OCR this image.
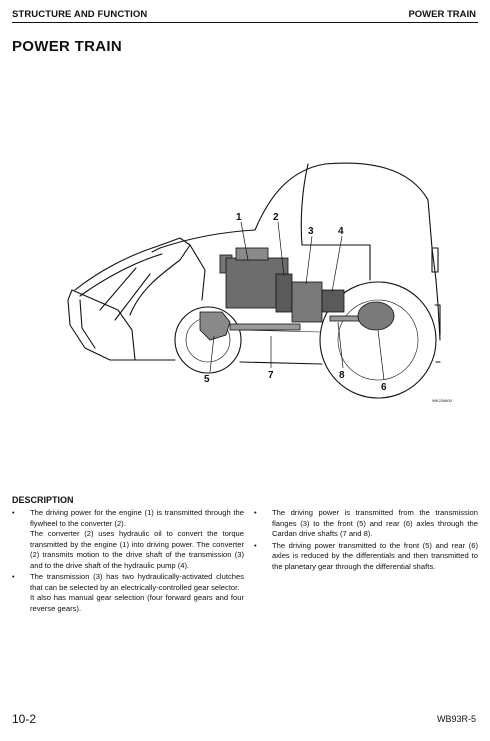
STRUCTURE AND FUNCTION	POWER TRAIN
POWER TRAIN
1	2
3 4
5	7	8
6
WK234600
DESCRIPTION
• The driving power for the engine (1) is transmitted through the flywheel to the converter (2).

The converter (2) uses hydraulic oil to convert the torque transmitted by the engine (1) into driving power. The converter (2) transmits motion to the drive shaft of the transmission (3) and to the drive shaft of the hydraulic pump (4).

• The transmission (3) has two hydraulically-activated clutches that can be selected by an electrically-controlled gear selector.

It also has manual gear selection (four forward gears and four reverse gears).

• The driving power is transmitted from the transmission flanges (3) to the front (5) and rear (6) axles through the Cardan drive shafts (7 and 8).

• The driving power transmitted to the front (5) and rear (6) axles is reduced by the differentials and then transmitted to the planetary gear through the differential shafts.

10-2	WB93R-5
